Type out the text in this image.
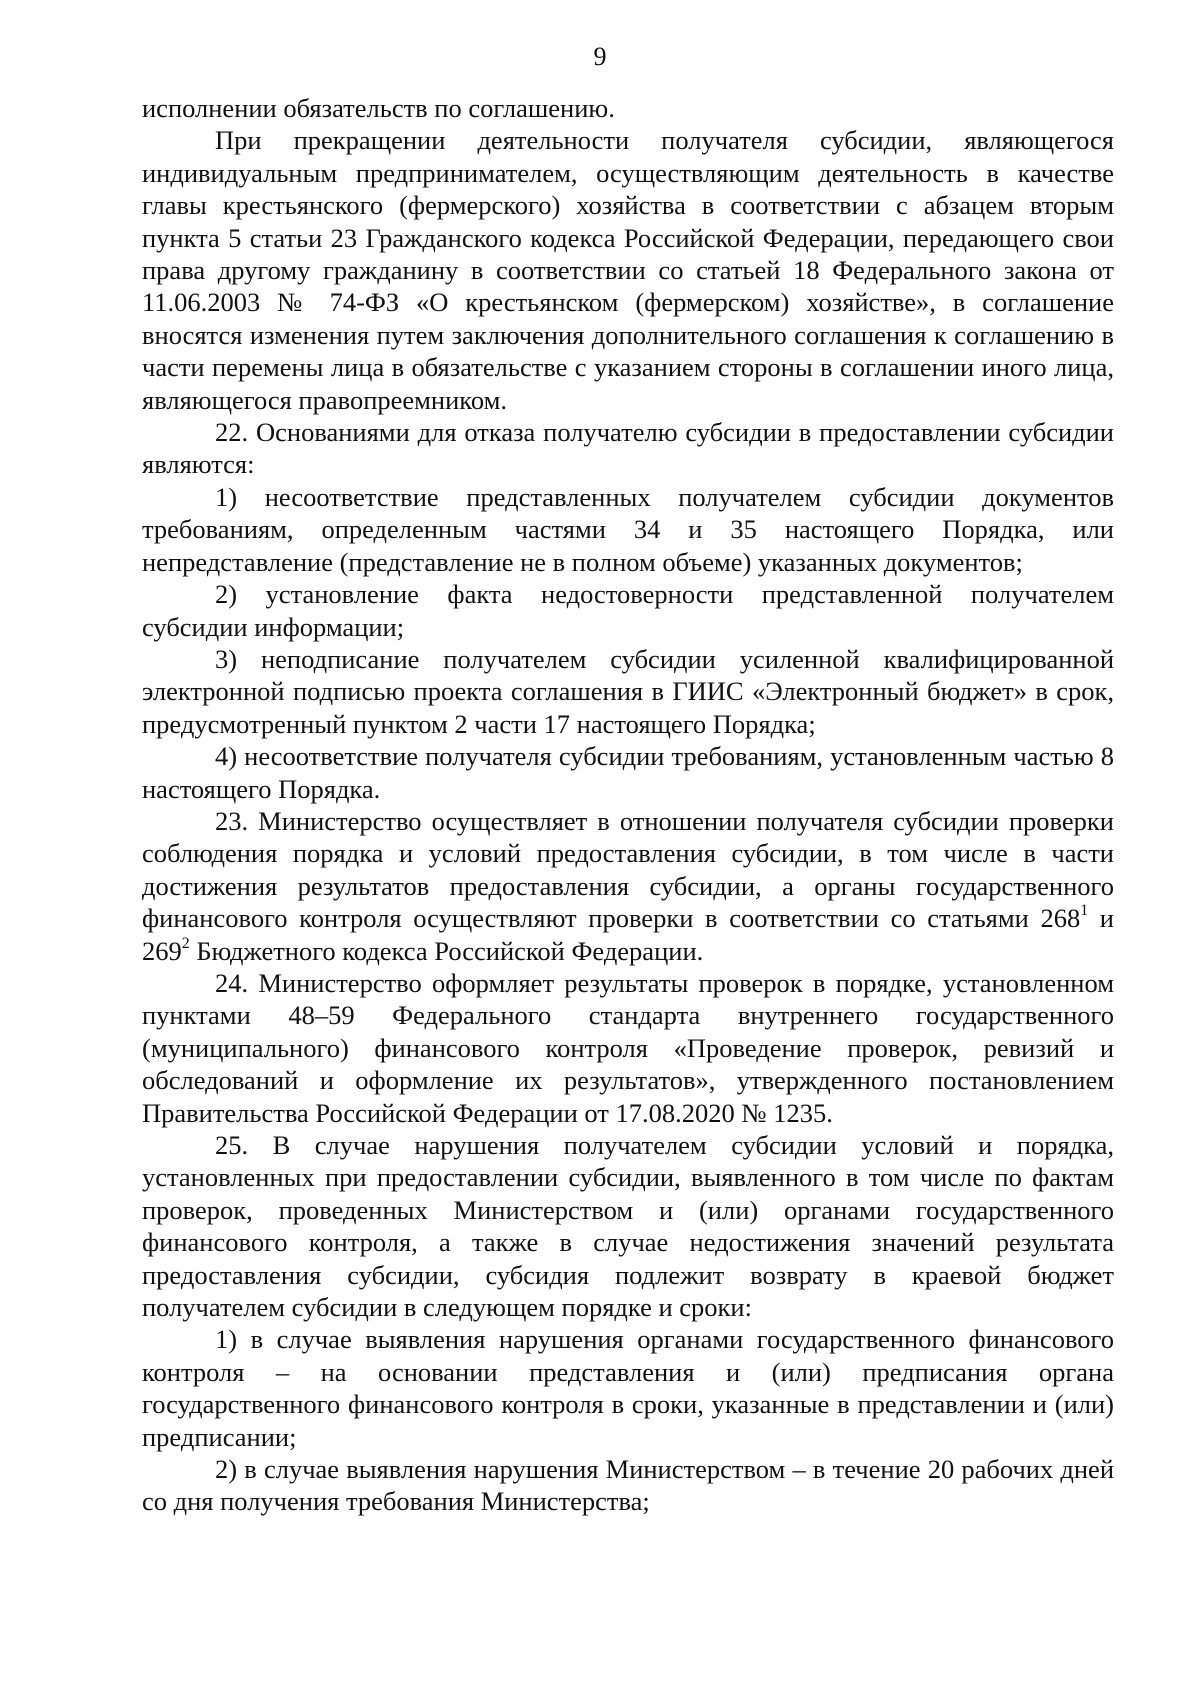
9

исполнении обязательств по соглашению.

При прекращении деятельности получателя субсидии, являющегося индивидуальным предпринимателем, осуществляющим деятельность в качестве главы крестьянского (фермерского) хозяйства в соответствии с абзацем вторым пункта 5 статьи 23 Гражданского кодекса Российской Федерации, передающего свои права другому гражданину в соответствии со статьей 18 Федерального закона от 11.06.2003 № 74-ФЗ «О крестьянском (фермерском) хозяйстве», в соглашение вносятся изменения путем заключения дополнительного соглашения к соглашению в части перемены лица в обязательстве с указанием стороны в соглашении иного лица, являющегося правопреемником.

22. Основаниями для отказа получателю субсидии в предоставлении субсидии являются:

1) несоответствие представленных получателем субсидии документов требованиям, определенным частями 34 и 35 настоящего Порядка, или непредставление (представление не в полном объеме) указанных документов;

2) установление факта недостоверности представленной получателем субсидии информации;

3) неподписание получателем субсидии усиленной квалифицированной электронной подписью проекта соглашения в ГИИС «Электронный бюджет» в срок, предусмотренный пунктом 2 части 17 настоящего Порядка;

4) несоответствие получателя субсидии требованиям, установленным частью 8 настоящего Порядка.

23. Министерство осуществляет в отношении получателя субсидии проверки соблюдения порядка и условий предоставления субсидии, в том числе в части достижения результатов предоставления субсидии, а органы государственного финансового контроля осуществляют проверки в соответствии со статьями $268^1$ и $269^2$ Бюджетного кодекса Российской Федерации.

24. Министерство оформляет результаты проверок в порядке, установленном пунктами 48–59 Федерального стандарта внутреннего государственного (муниципального) финансового контроля «Проведение проверок, ревизий и обследований и оформление их результатов», утвержденного постановлением Правительства Российской Федерации от 17.08.2020 № 1235.

25. В случае нарушения получателем субсидии условий и порядка, установленных при предоставлении субсидии, выявленного в том числе по фактам проверок, проведенных Министерством и (или) органами государственного финансового контроля, а также в случае недостижения значений результата предоставления субсидии, субсидия подлежит возврату в краевой бюджет получателем субсидии в следующем порядке и сроки:

1) в случае выявления нарушения органами государственного финансового контроля – на основании представления и (или) предписания органа государственного финансового контроля в сроки, указанные в представлении и (или) предписании;

2) в случае выявления нарушения Министерством – в течение 20 рабочих дней со дня получения требования Министерства;
